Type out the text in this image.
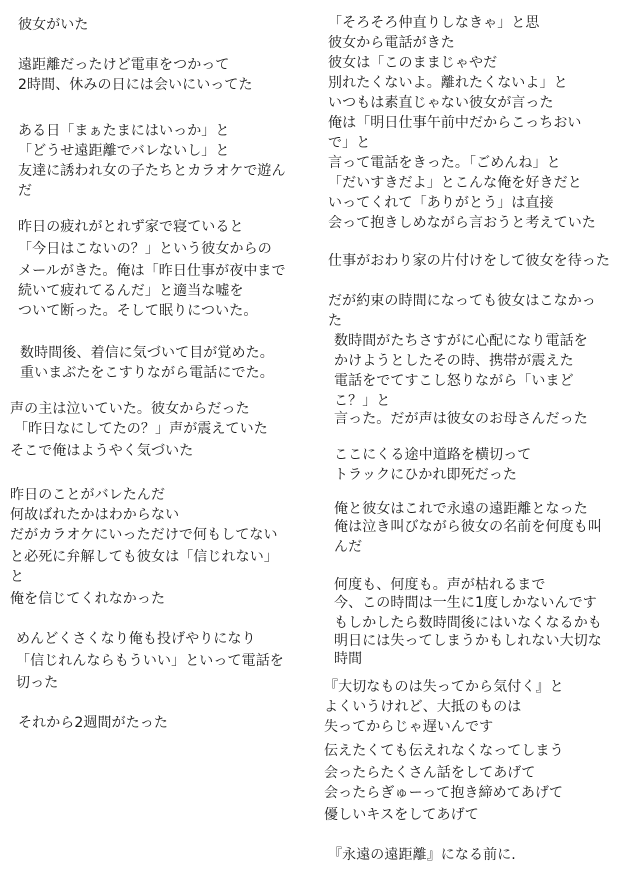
彼女がいた
遠距離だったけど電車をつかって
2時間、休みの日には会いにいってた
ある日「まぁたまにはいっか」と
「どうせ遠距離でバレないし」と
友達に誘われ女の子たちとカラオケで遊ん
だ
昨日の疲れがとれず家で寝ていると
「今日はこないの？」という彼女からの
メールがきた。俺は「昨日仕事が夜中まで
続いて疲れてるんだ」と適当な嘘を
ついて断った。そして眠りについた。
数時間後、着信に気づいて目が覚めた。
重いまぶたをこすりながら電話にでた。
声の主は泣いていた。彼女からだった
「昨日なにしてたの？」声が震えていた
そこで俺はようやく気づいた
昨日のことがバレたんだ
何故ばれたかはわからない
だがカラオケにいっただけで何もしてない
と必死に弁解しても彼女は「信じれない」
と
俺を信じてくれなかった
めんどくさくなり俺も投げやりになり
「信じれんならもういい」といって電話を
切った
それから2週間がたった
「そろそろ仲直りしなきゃ」と思
彼女から電話がきた
彼女は「このままじゃやだ
別れたくないよ。離れたくないよ」と
いつもは素直じゃない彼女が言った
俺は「明日仕事午前中だからこっちおい
で」と
言って電話をきった。「ごめんね」と
「だいすきだよ」とこんな俺を好きだと
いってくれて「ありがとう」は直接
会って抱きしめながら言おうと考えていた
仕事がおわり家の片付けをして彼女を待った
だが約束の時間になっても彼女はこなかっ
た
数時間がたちさすがに心配になり電話を
かけようとしたその時、携帯が震えた
電話をでてすこし怒りながら「いまど
こ？」と
言った。だが声は彼女のお母さんだった
ここにくる途中道路を横切って
トラックにひかれ即死だった
俺と彼女はこれで永遠の遠距離となった
俺は泣き叫びながら彼女の名前を何度も叫
んだ
何度も、何度も。声が枯れるまで
今、この時間は一生に1度しかないんです
もしかしたら数時間後にはいなくなるかも
明日には失ってしまうかもしれない大切な
時間
『大切なものは失ってから気付く』と
よくいうけれど、大抵のものは
失ってからじゃ遅いんです
伝えたくても伝えれなくなってしまう
会ったらたくさん話をしてあげて
会ったらぎゅーって抱き締めてあげて
優しいキスをしてあげて
『永遠の遠距離』になる前に.
